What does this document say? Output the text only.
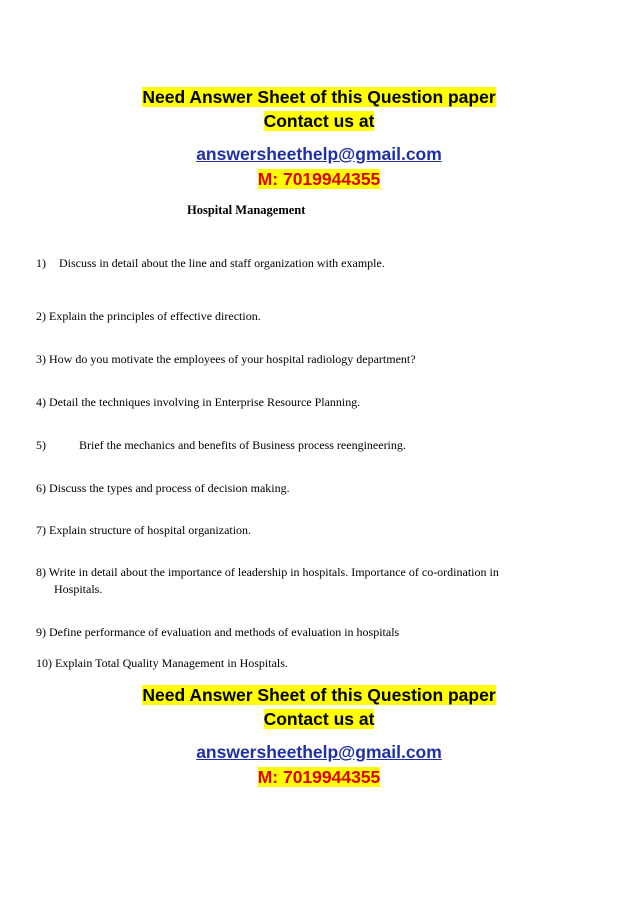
Need Answer Sheet of this Question paper
Contact us at
answersheethelp@gmail.com
M: 7019944355
Hospital Management
1) Discuss in detail about the line and staff organization with example.
2) Explain the principles of effective direction.
3) How do you motivate the employees of your hospital radiology department?
4) Detail the techniques involving in Enterprise Resource Planning.
5)	Brief the mechanics and benefits of Business process reengineering.
6) Discuss the types and process of decision making.
7) Explain structure of hospital organization.
8) Write in detail about the importance of leadership in hospitals. Importance of co-ordination in
Hospitals.
9) Define performance of evaluation and methods of evaluation in hospitals
10) Explain Total Quality Management in Hospitals.
Need Answer Sheet of this Question paper
Contact us at
answersheethelp@gmail.com
M: 7019944355
